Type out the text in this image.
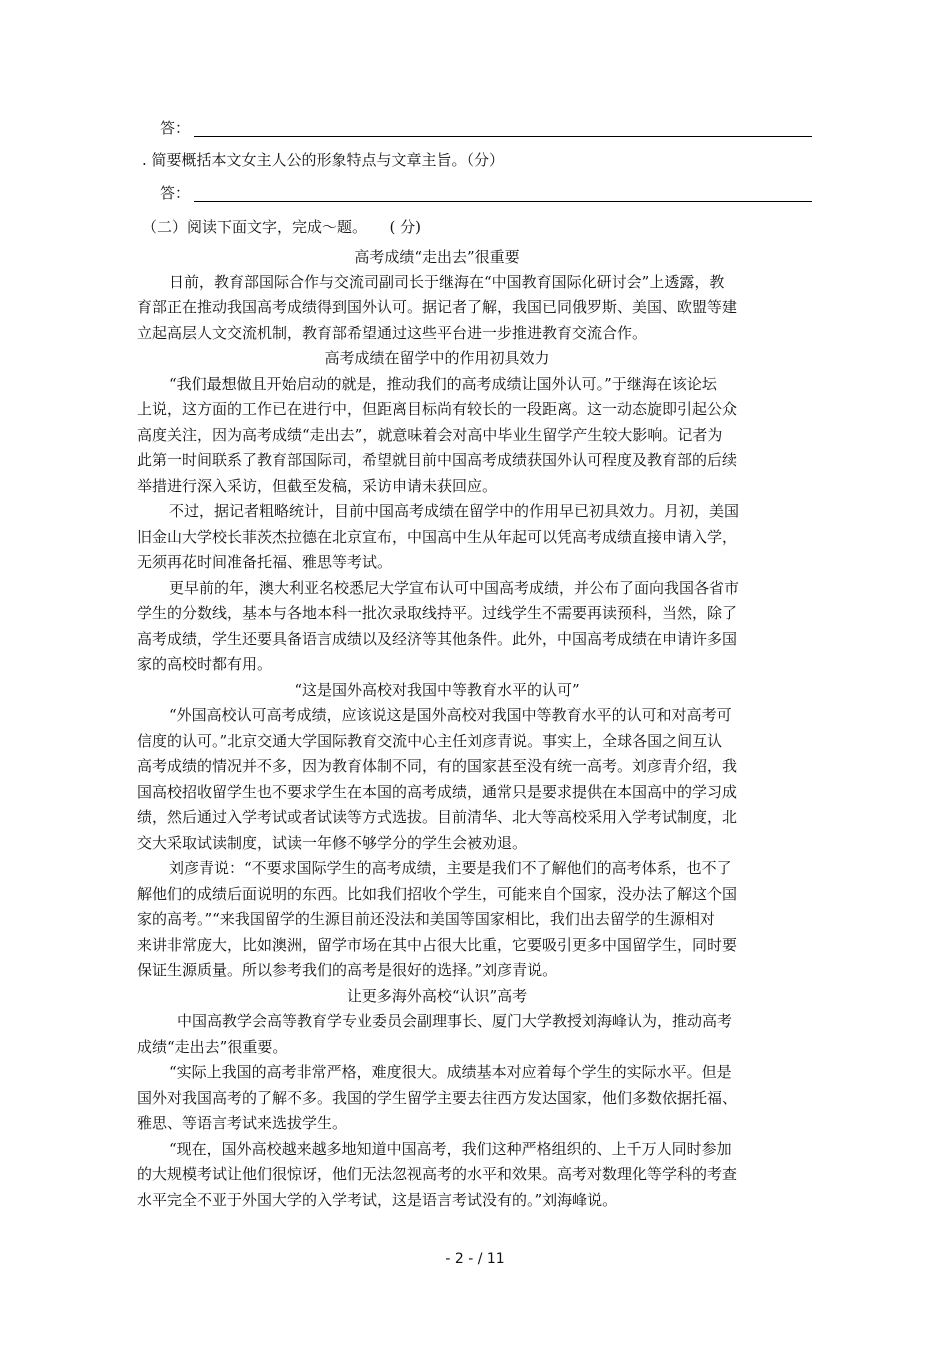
答：
. 简要概括本文女主人公的形象特点与文章主旨。（分）
答：
（二）阅读下面文字，完成～题。　　( 分)
高考成绩“走出去”很重要
日前，教育部国际合作与交流司副司长于继海在“中国教育国际化研讨会”上透露，教
育部正在推动我国高考成绩得到国外认可。据记者了解，我国已同俄罗斯、美国、欧盟等建
立起高层人文交流机制，教育部希望通过这些平台进一步推进教育交流合作。
高考成绩在留学中的作用初具效力
“我们最想做且开始启动的就是，推动我们的高考成绩让国外认可。”于继海在该论坛
上说，这方面的工作已在进行中，但距离目标尚有较长的一段距离。这一动态旋即引起公众
高度关注，因为高考成绩“走出去”，就意味着会对高中毕业生留学产生较大影响。记者为
此第一时间联系了教育部国际司，希望就目前中国高考成绩获国外认可程度及教育部的后续
举措进行深入采访，但截至发稿，采访申请未获回应。
不过，据记者粗略统计，目前中国高考成绩在留学中的作用早已初具效力。月初，美国
旧金山大学校长菲茨杰拉德在北京宣布，中国高中生从年起可以凭高考成绩直接申请入学，
无须再花时间准备托福、雅思等考试。
更早前的年，澳大利亚名校悉尼大学宣布认可中国高考成绩，并公布了面向我国各省市
学生的分数线，基本与各地本科一批次录取线持平。过线学生不需要再读预科，当然，除了
高考成绩，学生还要具备语言成绩以及经济等其他条件。此外，中国高考成绩在申请许多国
家的高校时都有用。
“这是国外高校对我国中等教育水平的认可”
“外国高校认可高考成绩，应该说这是国外高校对我国中等教育水平的认可和对高考可
信度的认可。”北京交通大学国际教育交流中心主任刘彦青说。事实上，全球各国之间互认
高考成绩的情况并不多，因为教育体制不同，有的国家甚至没有统一高考。刘彦青介绍，我
国高校招收留学生也不要求学生在本国的高考成绩，通常只是要求提供在本国高中的学习成
绩，然后通过入学考试或者试读等方式选拔。目前清华、北大等高校采用入学考试制度，北
交大采取试读制度，试读一年修不够学分的学生会被劝退。
刘彦青说：“不要求国际学生的高考成绩，主要是我们不了解他们的高考体系，也不了
解他们的成绩后面说明的东西。比如我们招收个学生，可能来自个国家，没办法了解这个国
家的高考。”“来我国留学的生源目前还没法和美国等国家相比，我们出去留学的生源相对
来讲非常庞大，比如澳洲，留学市场在其中占很大比重，它要吸引更多中国留学生，同时要
保证生源质量。所以参考我们的高考是很好的选择。”刘彦青说。
让更多海外高校“认识”高考
中国高教学会高等教育学专业委员会副理事长、厦门大学教授刘海峰认为，推动高考
成绩“走出去”很重要。
“实际上我国的高考非常严格，难度很大。成绩基本对应着每个学生的实际水平。但是
国外对我国高考的了解不多。我国的学生留学主要去往西方发达国家，他们多数依据托福、
雅思、等语言考试来选拔学生。
“现在，国外高校越来越多地知道中国高考，我们这种严格组织的、上千万人同时参加
的大规模考试让他们很惊讶，他们无法忽视高考的水平和效果。高考对数理化等学科的考查
水平完全不亚于外国大学的入学考试，这是语言考试没有的。”刘海峰说。
- 2 - / 11
